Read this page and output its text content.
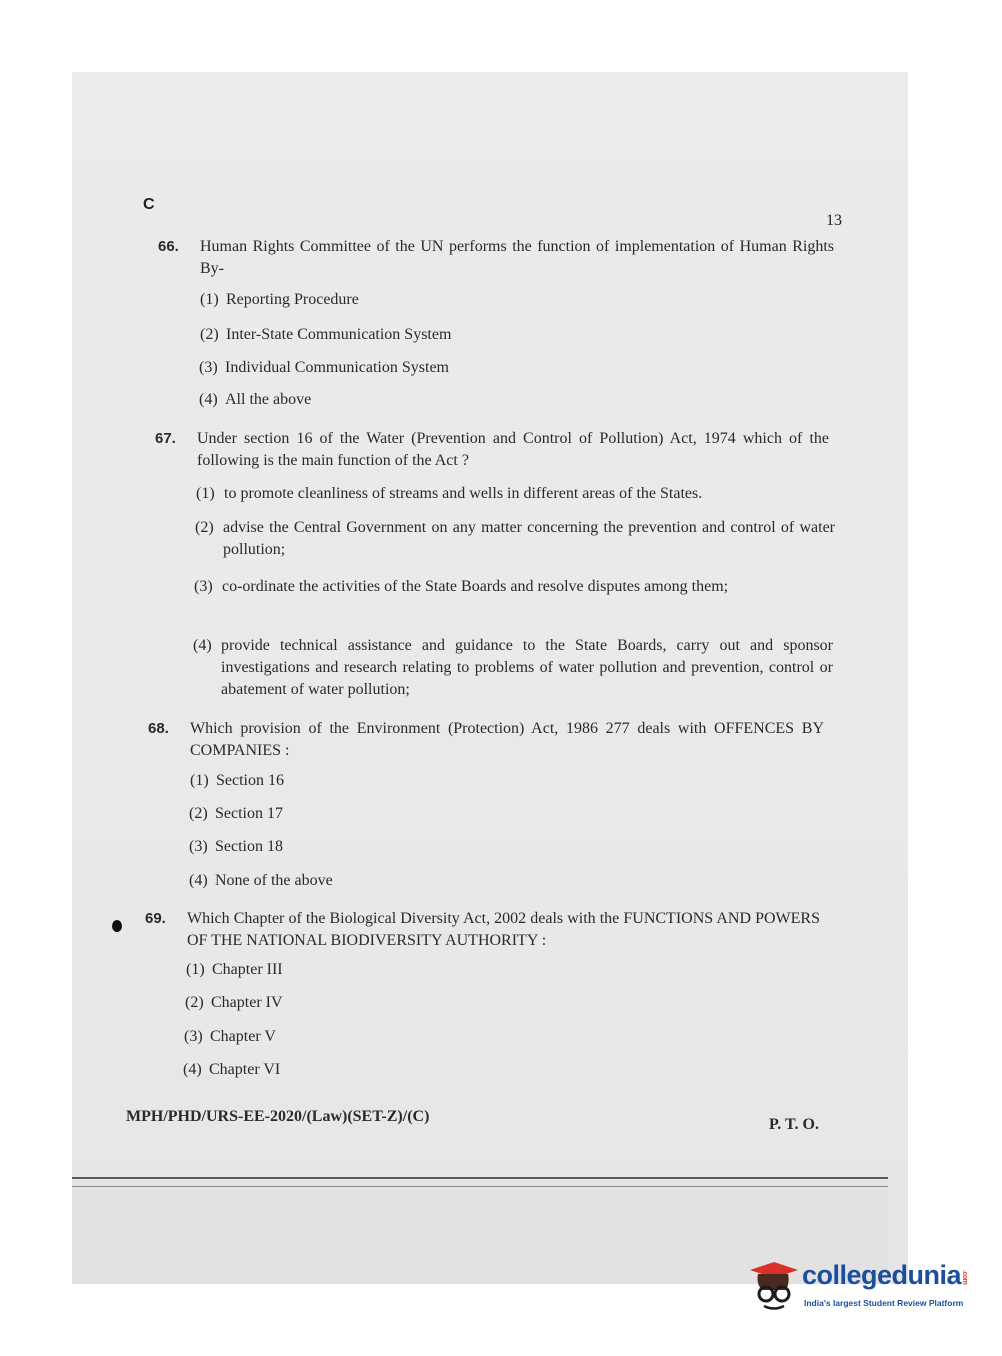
C
13
66. Human Rights Committee of the UN performs the function of implementation of Human Rights By-
(1) Reporting Procedure
(2) Inter-State Communication System
(3) Individual Communication System
(4) All the above
67. Under section 16 of the Water (Prevention and Control of Pollution) Act, 1974 which of the following is the main function of the Act ?
(1) to promote cleanliness of streams and wells in different areas of the States.
(2) advise the Central Government on any matter concerning the prevention and control of water pollution;
(3) co-ordinate the activities of the State Boards and resolve disputes among them;
(4) provide technical assistance and guidance to the State Boards, carry out and sponsor investigations and research relating to problems of water pollution and prevention, control or abatement of water pollution;
68. Which provision of the Environment (Protection) Act, 1986 277 deals with OFFENCES BY COMPANIES :
(1) Section 16
(2) Section 17
(3) Section 18
(4) None of the above
69. Which Chapter of the Biological Diversity Act, 2002 deals with the FUNCTIONS AND POWERS OF THE NATIONAL BIODIVERSITY AUTHORITY :
(1) Chapter III
(2) Chapter IV
(3) Chapter V
(4) Chapter VI
MPH/PHD/URS-EE-2020/(Law)(SET-Z)/(C)	P. T. O.
collegedunia.com
India's largest Student Review Platform
